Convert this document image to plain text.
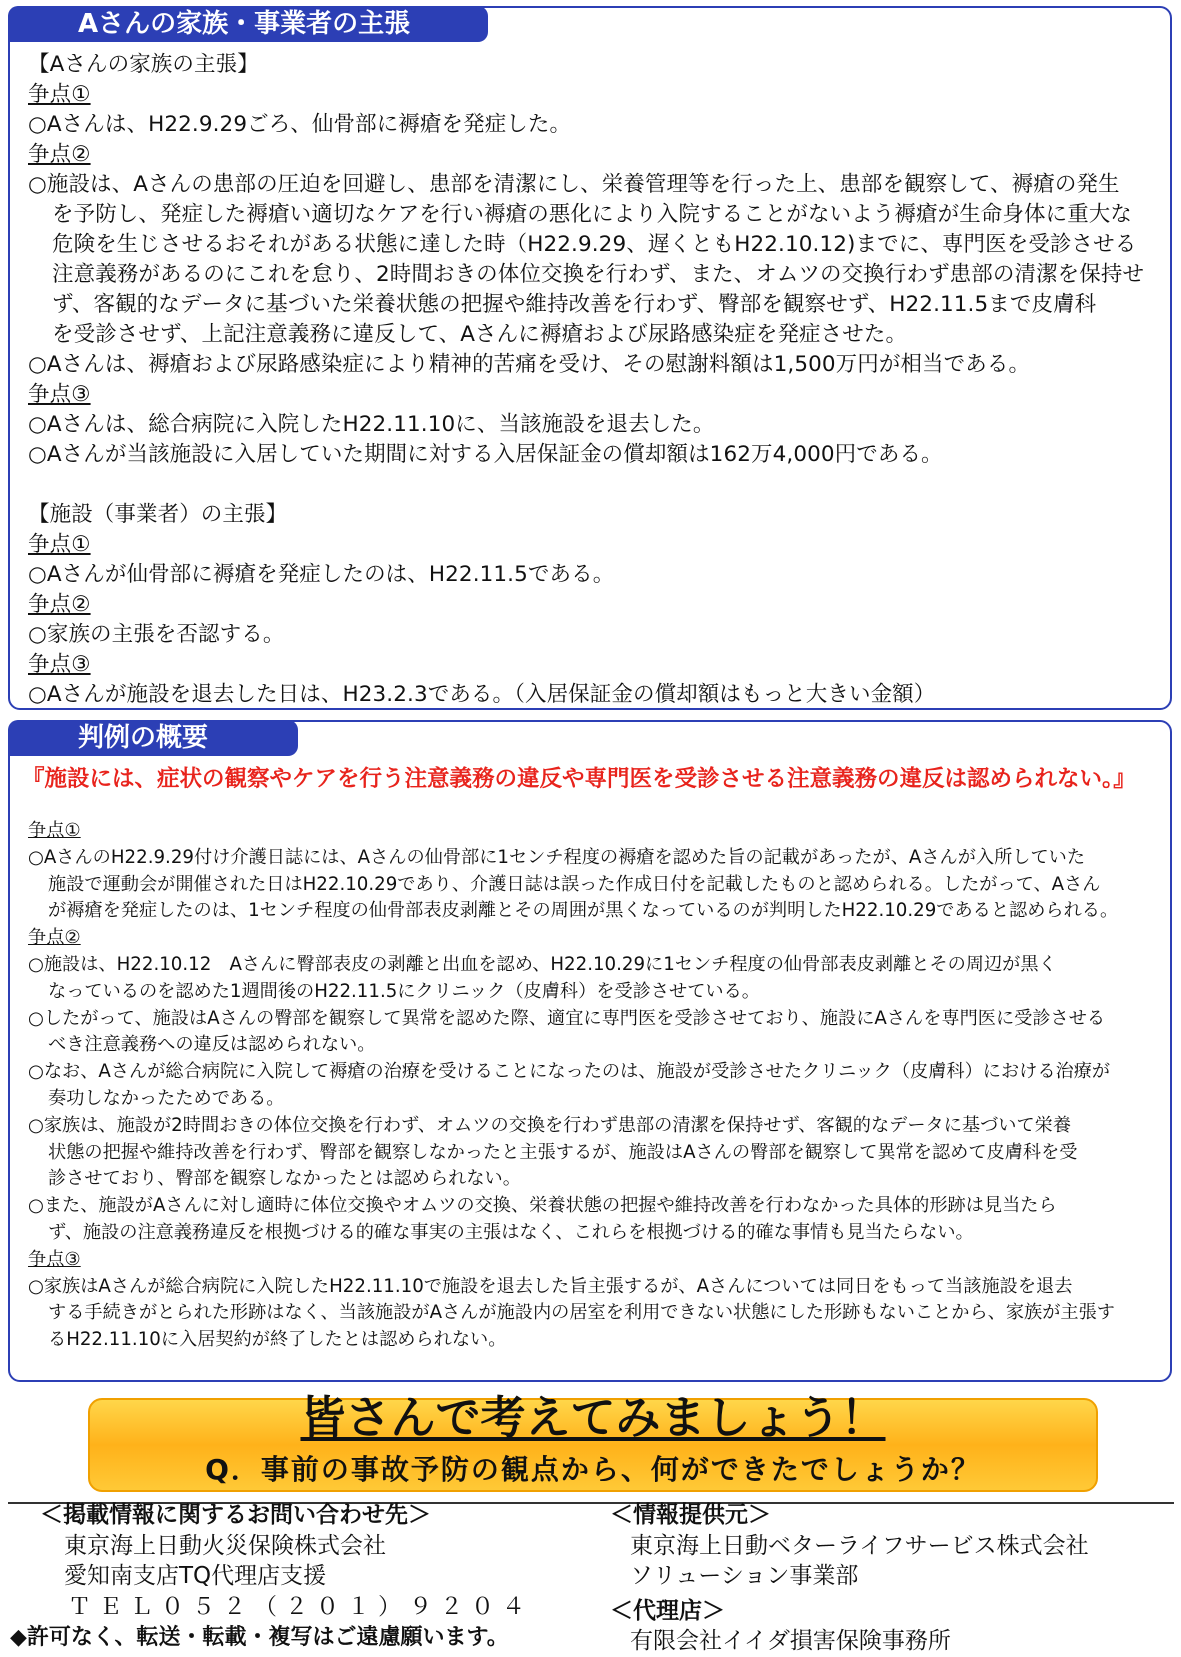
Aさんの家族・事業者の主張
【Aさんの家族の主張】
争点①
○Aさんは、H22.9.29ごろ、仙骨部に褥瘡を発症した。
争点②
○施設は、Aさんの患部の圧迫を回避し、患部を清潔にし、栄養管理等を行った上、患部を観察して、褥瘡の発生
を予防し、発症した褥瘡い適切なケアを行い褥瘡の悪化により入院することがないよう褥瘡が生命身体に重大な
危険を生じさせるおそれがある状態に達した時（H22.9.29、遅くともH22.10.12)までに、専門医を受診させる
注意義務があるのにこれを怠り、2時間おきの体位交換を行わず、また、オムツの交換行わず患部の清潔を保持せ
ず、客観的なデータに基づいた栄養状態の把握や維持改善を行わず、臀部を観察せず、H22.11.5まで皮膚科
を受診させず、上記注意義務に違反して、Aさんに褥瘡および尿路感染症を発症させた。
○Aさんは、褥瘡および尿路感染症により精神的苦痛を受け、その慰謝料額は1,500万円が相当である。
争点③
○Aさんは、総合病院に入院したH22.11.10に、当該施設を退去した。
○Aさんが当該施設に入居していた期間に対する入居保証金の償却額は162万4,000円である。
【施設（事業者）の主張】
争点①
○Aさんが仙骨部に褥瘡を発症したのは、H22.11.5である。
争点②
○家族の主張を否認する。
争点③
○Aさんが施設を退去した日は、H23.2.3である。（入居保証金の償却額はもっと大きい金額）
判例の概要
『施設には、症状の観察やケアを行う注意義務の違反や専門医を受診させる注意義務の違反は認められない。』
争点①
○AさんのH22.9.29付け介護日誌には、Aさんの仙骨部に1センチ程度の褥瘡を認めた旨の記載があったが、Aさんが入所していた
施設で運動会が開催された日はH22.10.29であり、介護日誌は誤った作成日付を記載したものと認められる。したがって、Aさん
が褥瘡を発症したのは、1センチ程度の仙骨部表皮剥離とその周囲が黒くなっているのが判明したH22.10.29であると認められる。
争点②
○施設は、H22.10.12　Aさんに臀部表皮の剥離と出血を認め、H22.10.29に1センチ程度の仙骨部表皮剥離とその周辺が黒く
なっているのを認めた1週間後のH22.11.5にクリニック（皮膚科）を受診させている。
○したがって、施設はAさんの臀部を観察して異常を認めた際、適宜に専門医を受診させており、施設にAさんを専門医に受診させる
べき注意義務への違反は認められない。
○なお、Aさんが総合病院に入院して褥瘡の治療を受けることになったのは、施設が受診させたクリニック（皮膚科）における治療が
奏功しなかったためである。
○家族は、施設が2時間おきの体位交換を行わず、オムツの交換を行わず患部の清潔を保持せず、客観的なデータに基づいて栄養
状態の把握や維持改善を行わず、臀部を観察しなかったと主張するが、施設はAさんの臀部を観察して異常を認めて皮膚科を受
診させており、臀部を観察しなかったとは認められない。
○また、施設がAさんに対し適時に体位交換やオムツの交換、栄養状態の把握や維持改善を行わなかった具体的形跡は見当たら
ず、施設の注意義務違反を根拠づける的確な事実の主張はなく、これらを根拠づける的確な事情も見当たらない。
争点③
○家族はAさんが総合病院に入院したH22.11.10で施設を退去した旨主張するが、Aさんについては同日をもって当該施設を退去
する手続きがとられた形跡はなく、当該施設がAさんが施設内の居室を利用できない状態にした形跡もないことから、家族が主張す
るH22.11.10に入居契約が終了したとは認められない。
皆さんで考えてみましょう！
Q．事前の事故予防の観点から、何ができたでしょうか？
＜掲載情報に関するお問い合わせ先＞
東京海上日動火災保険株式会社
愛知南支店TQ代理店支援
ＴＥＬ０５２（２０１）９２０４
＜情報提供元＞
東京海上日動ベターライフサービス株式会社
ソリューション事業部
＜代理店＞
有限会社イイダ損害保険事務所
◆許可なく、転送・転載・複写はご遠慮願います。
